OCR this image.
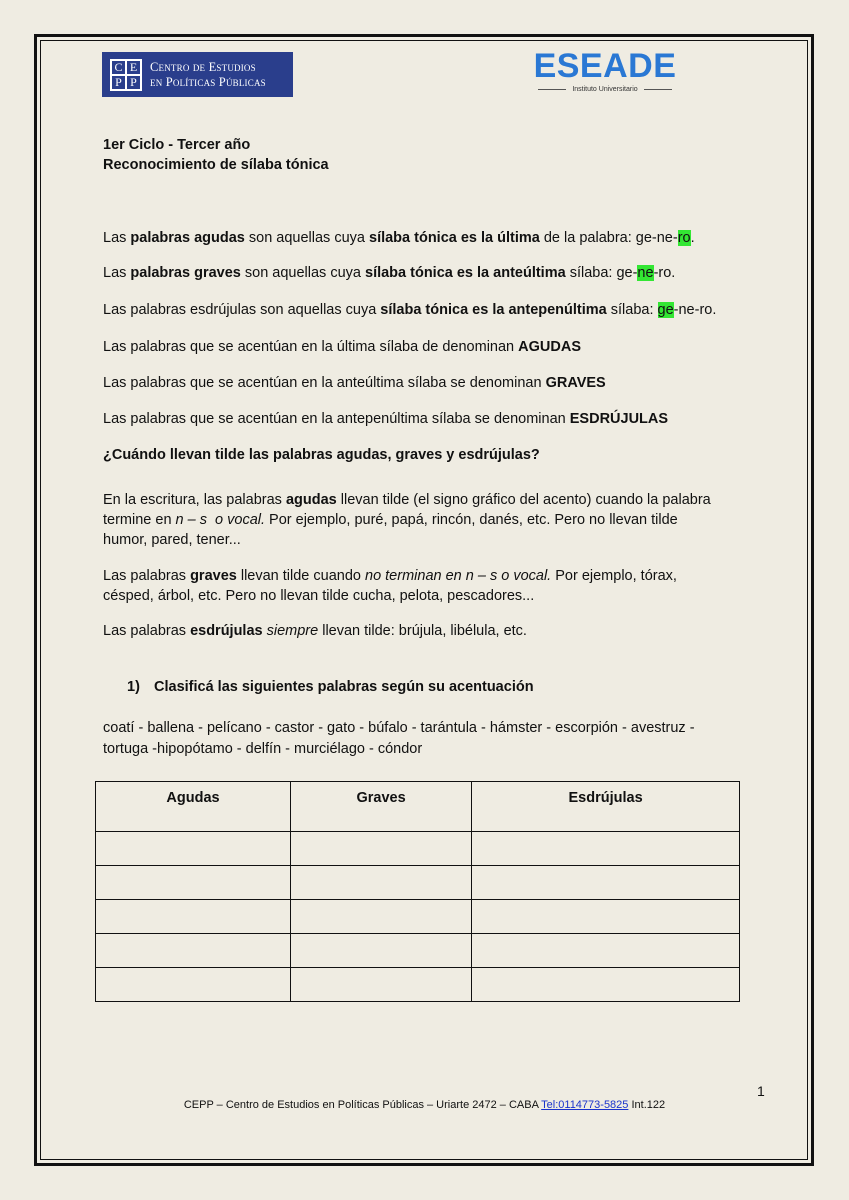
C E
P P
Centro de Estudios
en Políticas Públicas	ESEADE
Instituto Universitario
1er Ciclo - Tercer año
Reconocimiento de sílaba tónica
Las palabras agudas son aquellas cuya sílaba tónica es la última de la palabra: ge-ne-ro.
Las palabras graves son aquellas cuya sílaba tónica es la anteúltima sílaba: ge-ne-ro.
Las palabras esdrújulas son aquellas cuya sílaba tónica es la antepenúltima sílaba: ge-ne-ro.
Las palabras que se acentúan en la última sílaba de denominan AGUDAS
Las palabras que se acentúan en la anteúltima sílaba se denominan GRAVES
Las palabras que se acentúan en la antepenúltima sílaba se denominan ESDRÚJULAS
¿Cuándo llevan tilde las palabras agudas, graves y esdrújulas?
En la escritura, las palabras agudas llevan tilde (el signo gráfico del acento) cuando la palabra
termine en n – s  o vocal. Por ejemplo, puré, papá, rincón, danés, etc. Pero no llevan tilde
humor, pared, tener...
Las palabras graves llevan tilde cuando no terminan en n – s o vocal. Por ejemplo, tórax,
césped, árbol, etc. Pero no llevan tilde cucha, pelota, pescadores...
Las palabras esdrújulas siempre llevan tilde: brújula, libélula, etc.
1) Clasificá las siguientes palabras según su acentuación
coatí - ballena - pelícano - castor - gato - búfalo - tarántula - hámster - escorpión - avestruz -
tortuga -hipopótamo - delfín - murciélago - cóndor
Agudas	Graves	Esdrújulas

1
CEPP – Centro de Estudios en Políticas Públicas – Uriarte 2472 – CABA Tel:0114773-5825 Int.122
